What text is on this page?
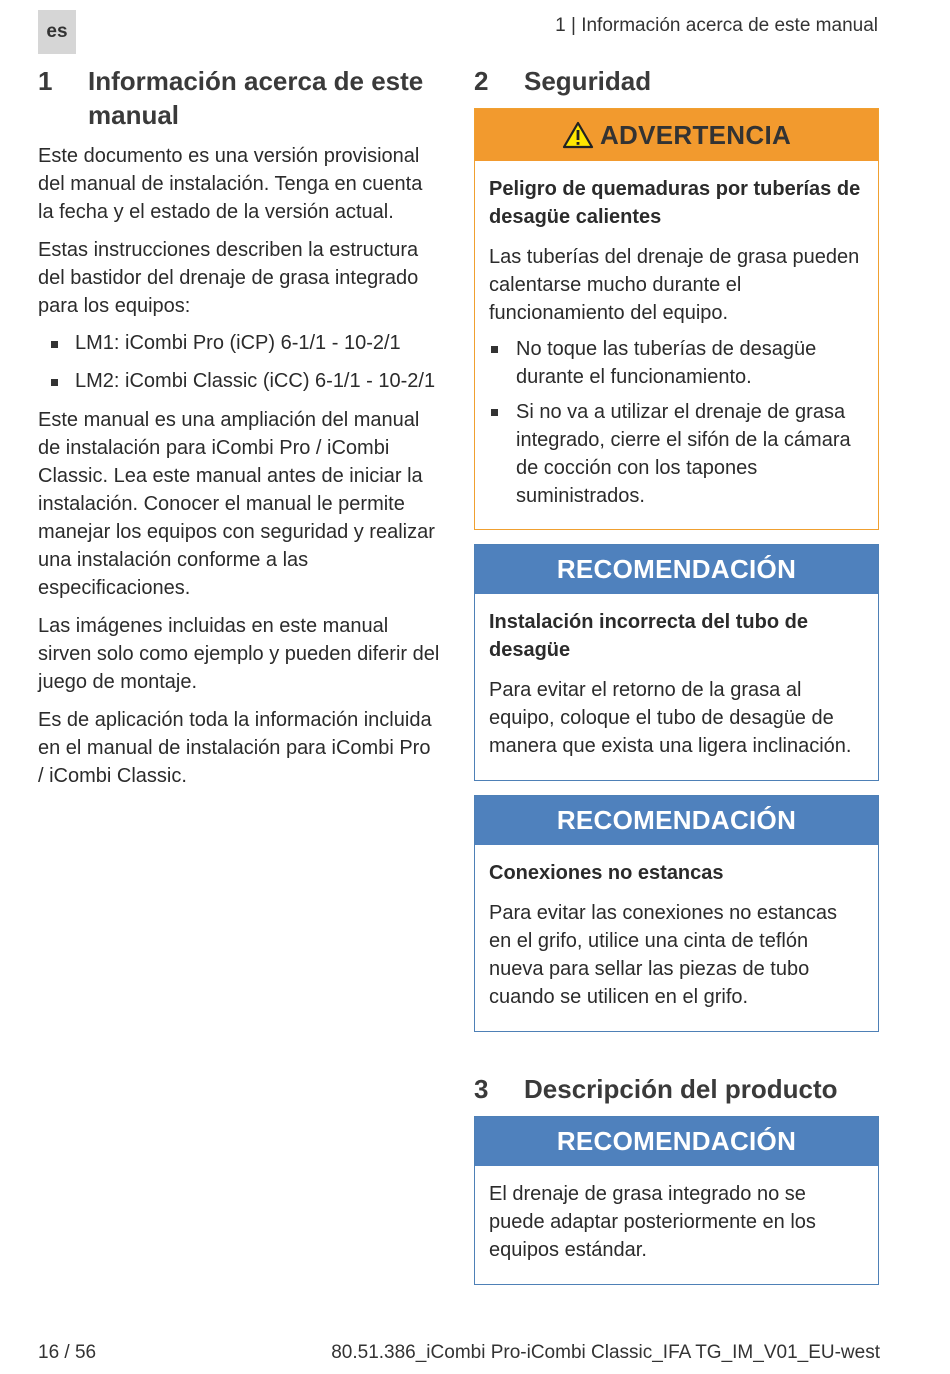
es	1 | Información acerca de este manual
1	Información acerca de este manual

Este documento es una versión provisional del manual de instalación. Tenga en cuenta la fecha y el estado de la versión actual.

Estas instrucciones describen la estructura del bastidor del drenaje de grasa integrado para los equipos:

LM1: iCombi Pro (iCP) 6-1/1 - 10-2/1
LM2: iCombi Classic (iCC) 6-1/1 - 10-2/1

Este manual es una ampliación del manual de instalación para iCombi Pro / iCombi Classic. Lea este manual antes de iniciar la instalación. Conocer el manual le permite manejar los equipos con seguridad y realizar una instalación conforme a las especificaciones.

Las imágenes incluidas en este manual sirven solo como ejemplo y pueden diferir del juego de montaje.

Es de aplicación toda la información incluida en el manual de instalación para iCombi Pro / iCombi Classic.

2	Seguridad
ADVERTENCIA

Peligro de quemaduras por tuberías de desagüe calientes

Las tuberías del drenaje de grasa pueden calentarse mucho durante el funcionamiento del equipo.

No toque las tuberías de desagüe durante el funcionamiento.
Si no va a utilizar el drenaje de grasa integrado, cierre el sifón de la cámara de cocción con los tapones suministrados.
RECOMENDACIÓN

Instalación incorrecta del tubo de desagüe

Para evitar el retorno de la grasa al equipo, coloque el tubo de desagüe de manera que exista una ligera inclinación.

RECOMENDACIÓN

Conexiones no estancas

Para evitar las conexiones no estancas en el grifo, utilice una cinta de teflón nueva para sellar las piezas de tubo cuando se utilicen en el grifo.

3	Descripción del producto
RECOMENDACIÓN

El drenaje de grasa integrado no se puede adaptar posteriormente en los equipos estándar.

16 / 56	80.51.386_iCombi Pro-iCombi Classic_IFA TG_IM_V01_EU-west
